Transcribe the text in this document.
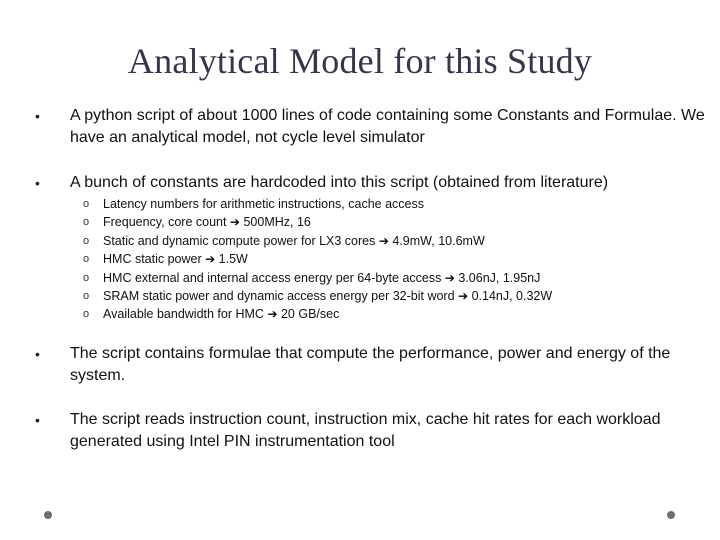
Analytical Model for this Study
• A python script of about 1000 lines of code containing some Constants and Formulae. We have an analytical model, not cycle level simulator
• A bunch of constants are hardcoded into this script (obtained from literature)
o Latency numbers for arithmetic instructions, cache access
o Frequency, core count ➔ 500MHz, 16
o Static and dynamic compute power for LX3 cores ➔ 4.9mW, 10.6mW
o HMC static power ➔ 1.5W
o HMC external and internal access energy per 64-byte access ➔ 3.06nJ, 1.95nJ
o SRAM static power and dynamic access energy per 32-bit word ➔ 0.14nJ, 0.32W
o Available bandwidth for HMC ➔ 20 GB/sec
• The script contains formulae that compute the performance, power and energy of the system.
• The script reads instruction count, instruction mix, cache hit rates for each workload generated using Intel PIN instrumentation tool
